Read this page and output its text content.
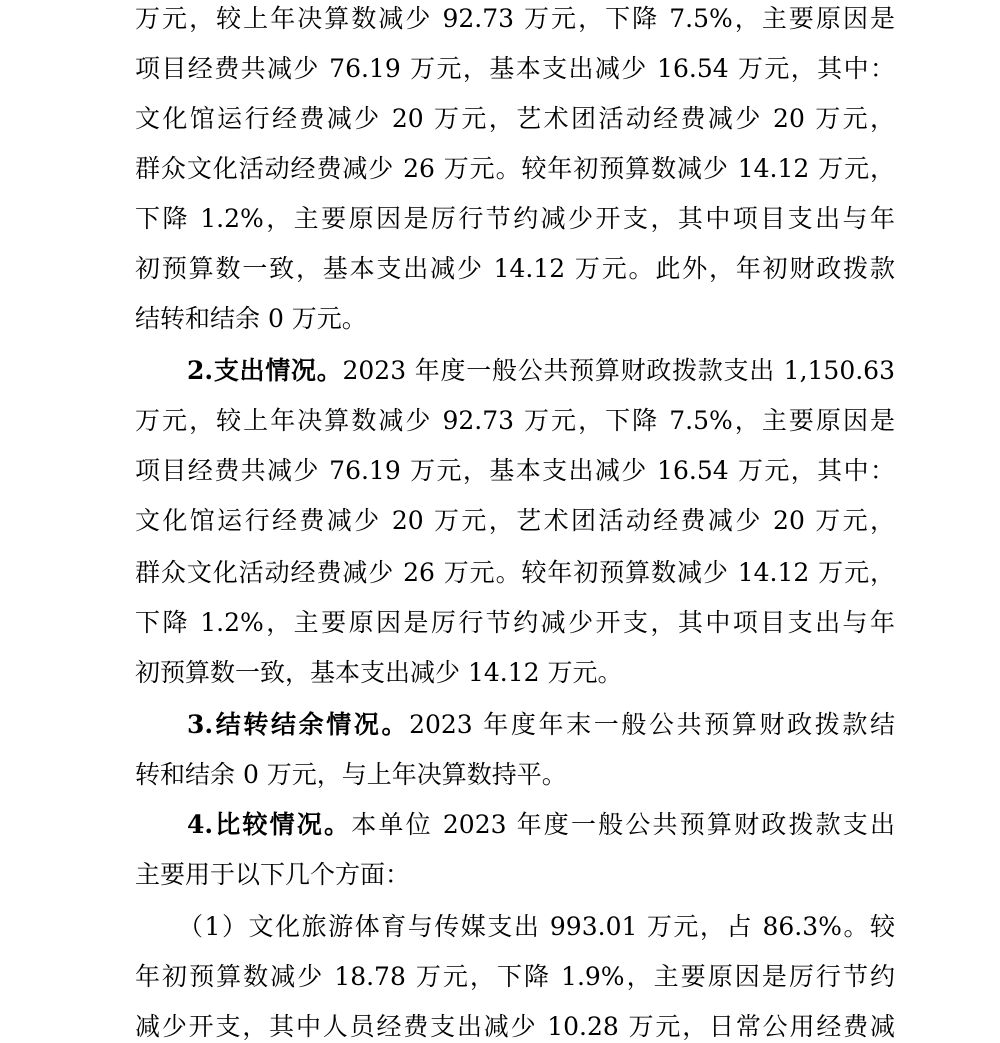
万元，较上年决算数减少 92.73 万元，下降 7.5%，主要原因是
项目经费共减少 76.19 万元，基本支出减少 16.54 万元，其中：
文化馆运行经费减少 20 万元，艺术团活动经费减少 20 万元，
群众文化活动经费减少 26 万元。较年初预算数减少 14.12 万元，
下降 1.2%，主要原因是厉行节约减少开支，其中项目支出与年
初预算数一致，基本支出减少 14.12 万元。此外，年初财政拨款
结转和结余 0 万元。
2.支出情况。2023 年度一般公共预算财政拨款支出 1,150.63
万元，较上年决算数减少 92.73 万元，下降 7.5%，主要原因是
项目经费共减少 76.19 万元，基本支出减少 16.54 万元，其中：
文化馆运行经费减少 20 万元，艺术团活动经费减少 20 万元，
群众文化活动经费减少 26 万元。较年初预算数减少 14.12 万元，
下降 1.2%，主要原因是厉行节约减少开支，其中项目支出与年
初预算数一致，基本支出减少 14.12 万元。
3.结转结余情况。2023 年度年末一般公共预算财政拨款结
转和结余 0 万元，与上年决算数持平。
4.比较情况。本单位 2023 年度一般公共预算财政拨款支出
主要用于以下几个方面：
（1）文化旅游体育与传媒支出 993.01 万元，占 86.3%。较
年初预算数减少 18.78 万元，下降 1.9%，主要原因是厉行节约
减少开支，其中人员经费支出减少 10.28 万元，日常公用经费减
